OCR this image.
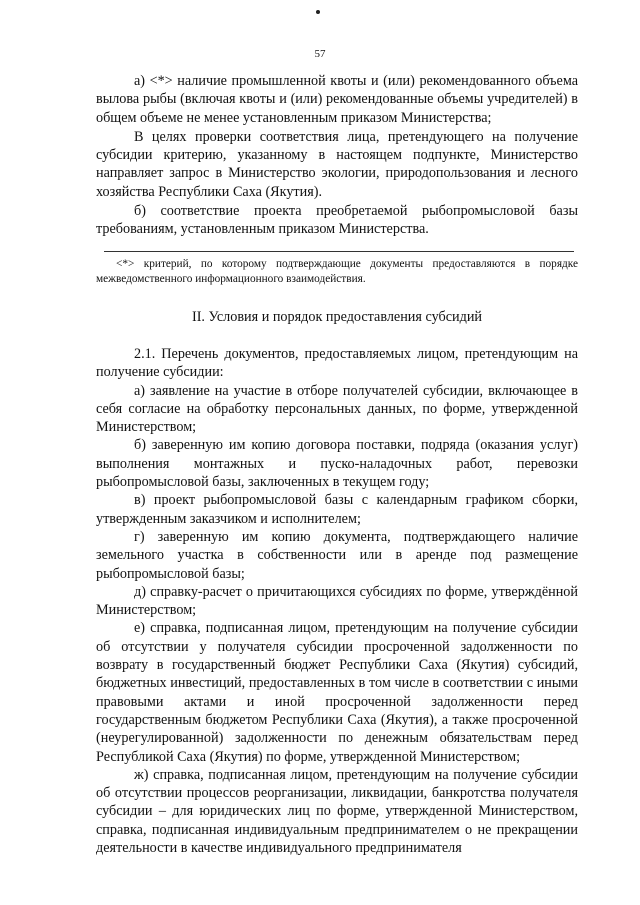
57

а) <*> наличие промышленной квоты и (или) рекомендованного объема вылова рыбы (включая квоты и (или) рекомендованные объемы учредителей) в общем объеме не менее установленным приказом Министерства;

В целях проверки соответствия лица, претендующего на получение субсидии критерию, указанному в настоящем подпункте, Министерство направляет запрос в Министерство экологии, природопользования и лесного хозяйства Республики Саха (Якутия).

б) соответствие проекта преобретаемой рыбопромысловой базы требованиям, установленным приказом Министерства.

<*> критерий, по которому подтверждающие документы предоставляются в порядке межведомственного информационного взаимодействия.

II. Условия и порядок предоставления субсидий

2.1. Перечень документов, предоставляемых лицом, претендующим на получение субсидии:

а) заявление на участие в отборе получателей субсидии, включающее в себя согласие на обработку персональных данных, по форме, утвержденной Министерством;

б) заверенную им копию договора поставки, подряда (оказания услуг) выполнения монтажных и пуско-наладочных работ, перевозки рыбопромысловой базы, заключенных в текущем году;

в) проект рыбопромысловой базы с календарным графиком сборки, утвержденным заказчиком и исполнителем;

г) заверенную им копию документа, подтверждающего наличие земельного участка в собственности или в аренде под размещение рыбопромысловой базы;

д) справку-расчет о причитающихся субсидиях по форме, утверждённой Министерством;

е) справка, подписанная лицом, претендующим на получение субсидии об отсутствии у получателя субсидии просроченной задолженности по возврату в государственный бюджет Республики Саха (Якутия) субсидий, бюджетных инвестиций, предоставленных в том числе в соответствии с иными правовыми актами и иной просроченной задолженности перед государственным бюджетом Республики Саха (Якутия), а также просроченной (неурегулированной) задолженности по денежным обязательствам перед Республикой Саха (Якутия) по форме, утвержденной Министерством;

ж) справка, подписанная лицом, претендующим на получение субсидии об отсутствии процессов реорганизации, ликвидации, банкротства получателя субсидии – для юридических лиц по форме, утвержденной Министерством, справка, подписанная индивидуальным предпринимателем о не прекращении деятельности в качестве индивидуального предпринимателя
